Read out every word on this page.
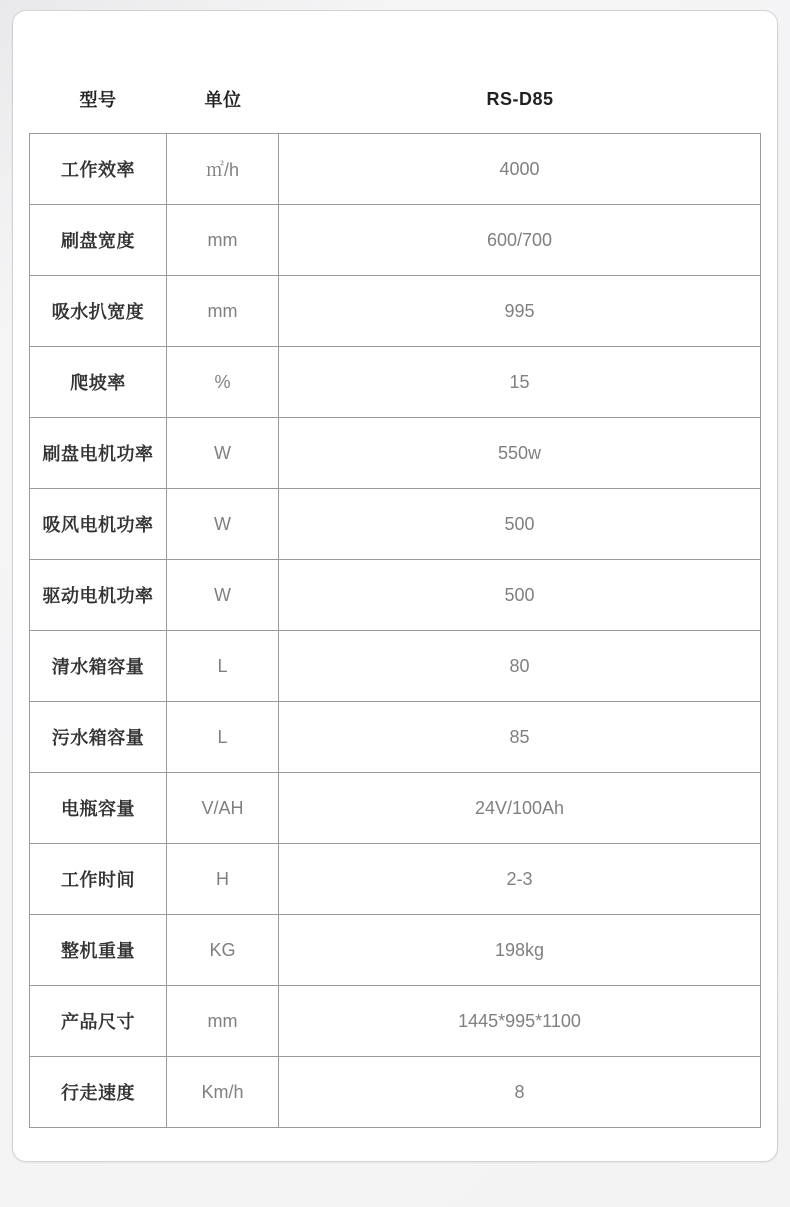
型号	单位	RS-D85
工作效率	㎡/h	4000
刷盘宽度	mm	600/700
吸水扒宽度	mm	995
爬坡率	%	15
刷盘电机功率	W	550w
吸风电机功率	W	500
驱动电机功率	W	500
清水箱容量	L	80
污水箱容量	L	85
电瓶容量	V/AH	24V/100Ah
工作时间	H	2-3
整机重量	KG	198kg
产品尺寸	mm	1445*995*1100
行走速度	Km/h	8
